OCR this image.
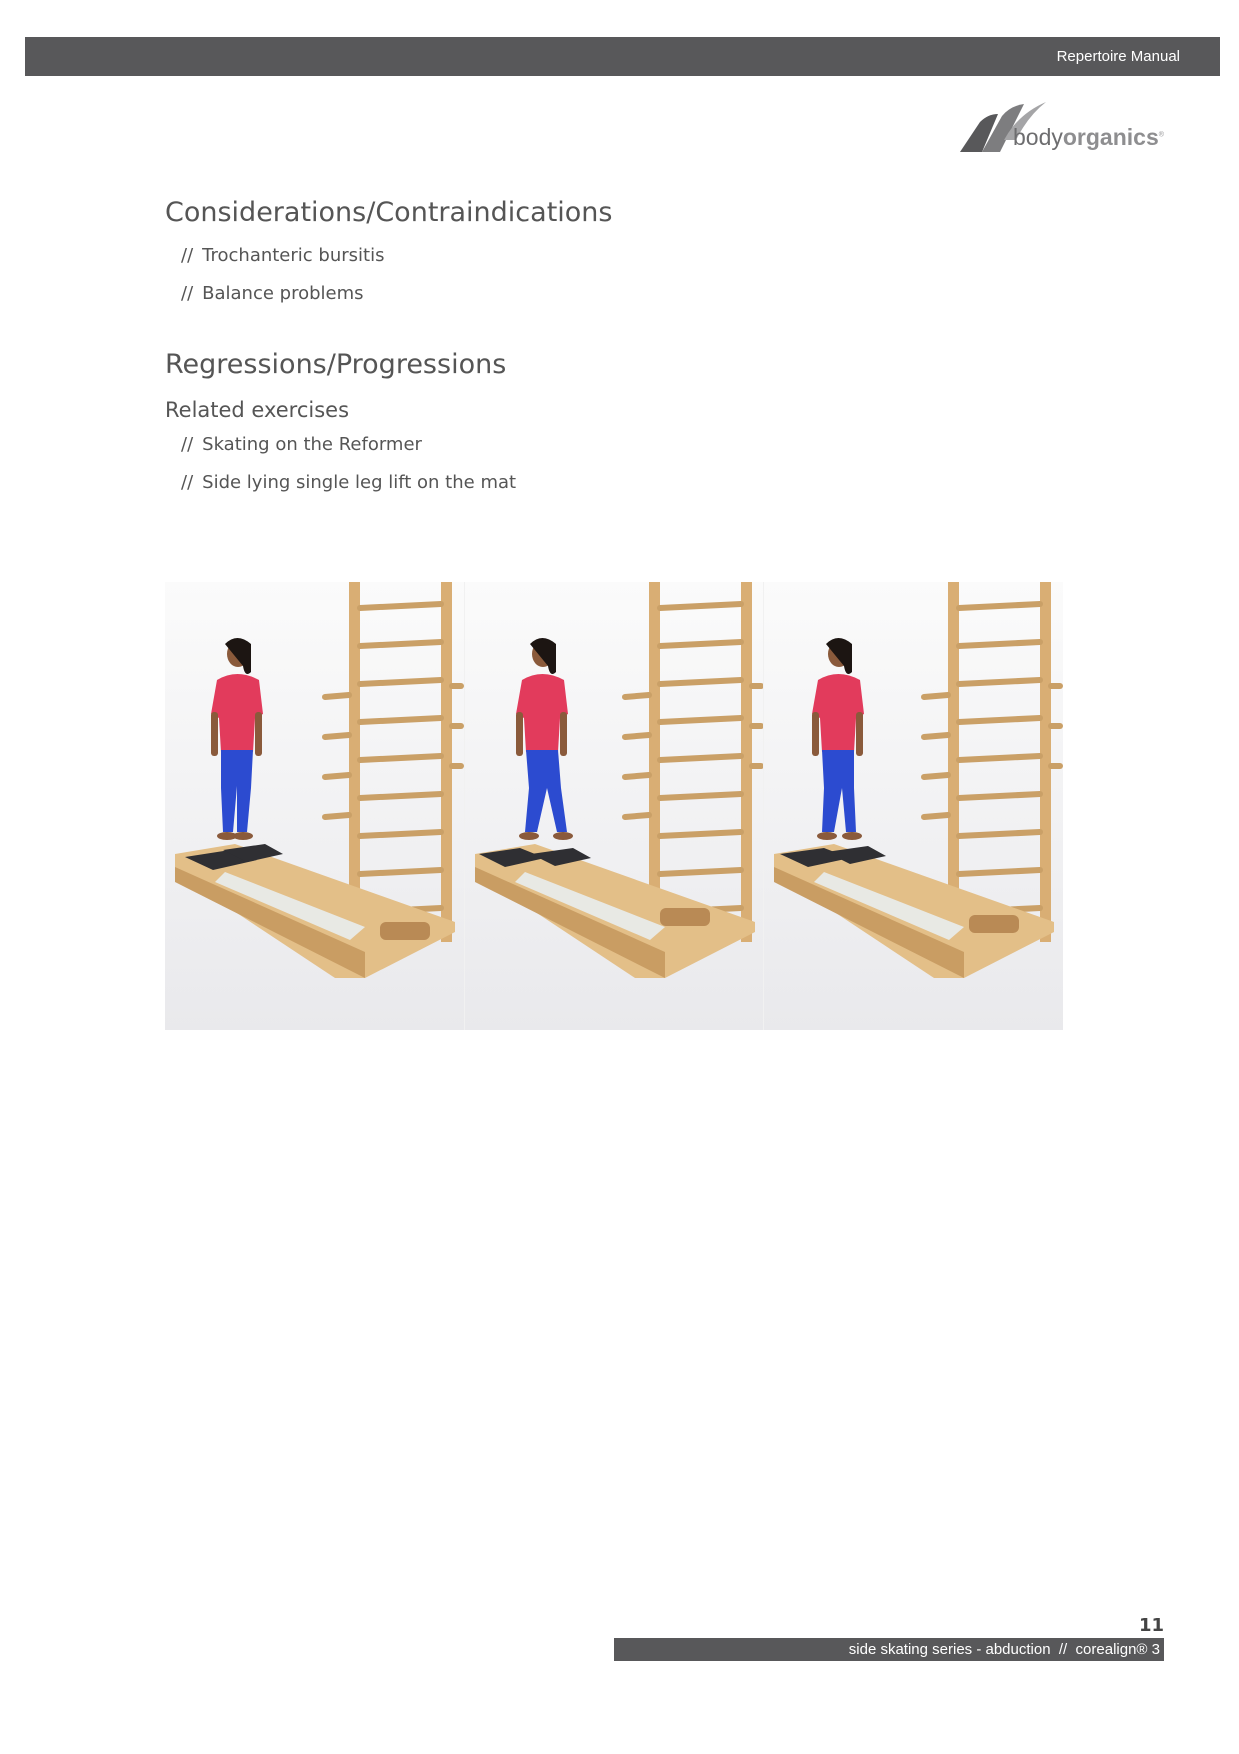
Repertoire Manual
bodyorganics®
Considerations/Contraindications
// Trochanteric bursitis
// Balance problems
Regressions/Progressions
Related exercises
// Skating on the Reformer
// Side lying single leg lift on the mat
11
side skating series - abduction  //  corealign® 3
